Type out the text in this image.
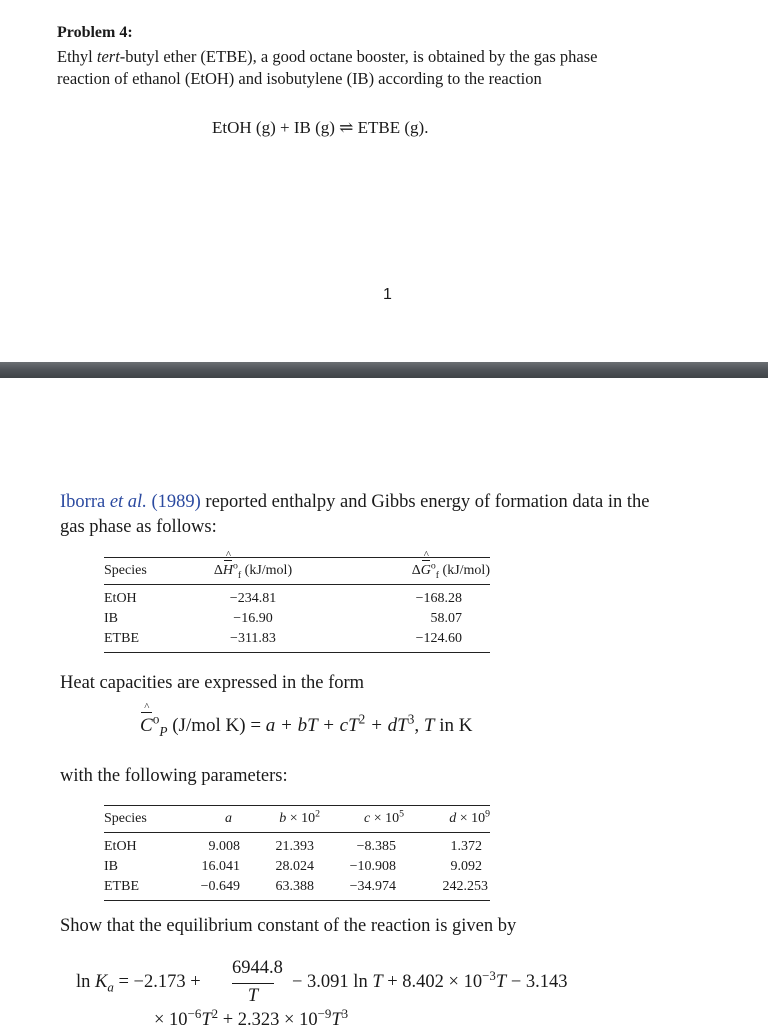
Problem 4:
Ethyl tert-butyl ether (ETBE), a good octane booster, is obtained by the gas phase reaction of ethanol (EtOH) and isobutylene (IB) according to the reaction
EtOH (g) + IB (g) ⇌ ETBE (g).
1
Iborra et al. (1989) reported enthalpy and Gibbs energy of formation data in the gas phase as follows:
Species	ΔH ^$^o_f$ (kJ/mol)	ΔG ^$^o_f$ (kJ/mol)
EtOH	−234.81	−168.28
IB	−16.90	58.07
ETBE	−311.83	−124.60
Heat capacities are expressed in the form
C ^$^o_P$ (J/mol K) = a + bT + $cT^2 + dT^3$, T in K
with the following parameters:
Species	a	$b \times 10^2$	$c \times 10^5$	$d \times 10^9$
EtOH	9.008	21.393	−8.385	1.372
IB	16.041	28.024	−10.908	9.092
ETBE	−0.649	63.388	−34.974	242.253
Show that the equilibrium constant of the reaction is given by
$\ln K_a = -2.173$ +
6944.8
T
− 3.091 $\ln T + 8.402 \times 10^{-3}T - 3.143$
× $10^{-6}T^2 + 2.323 \times 10^{-9}T^3$
